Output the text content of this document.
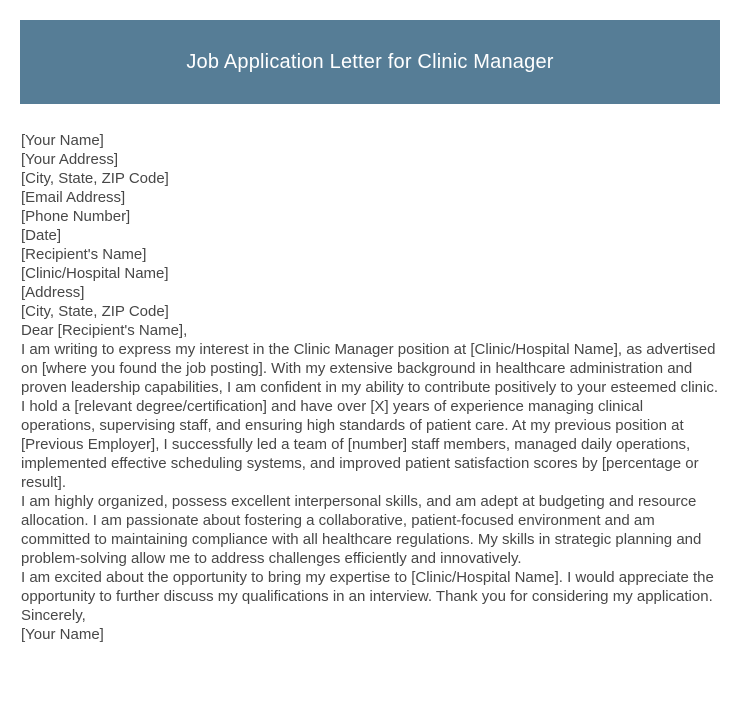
Job Application Letter for Clinic Manager
[Your Name]
[Your Address]
[City, State, ZIP Code]
[Email Address]
[Phone Number]
[Date]
[Recipient's Name]
[Clinic/Hospital Name]
[Address]
[City, State, ZIP Code]
Dear [Recipient's Name],

I am writing to express my interest in the Clinic Manager position at [Clinic/Hospital Name], as advertised on [where you found the job posting]. With my extensive background in healthcare administration and proven leadership capabilities, I am confident in my ability to contribute positively to your esteemed clinic.

I hold a [relevant degree/certification] and have over [X] years of experience managing clinical operations, supervising staff, and ensuring high standards of patient care. At my previous position at [Previous Employer], I successfully led a team of [number] staff members, managed daily operations, implemented effective scheduling systems, and improved patient satisfaction scores by [percentage or result].

I am highly organized, possess excellent interpersonal skills, and am adept at budgeting and resource allocation. I am passionate about fostering a collaborative, patient-focused environment and am committed to maintaining compliance with all healthcare regulations. My skills in strategic planning and problem-solving allow me to address challenges efficiently and innovatively.

I am excited about the opportunity to bring my expertise to [Clinic/Hospital Name]. I would appreciate the opportunity to further discuss my qualifications in an interview. Thank you for considering my application.

Sincerely,
[Your Name]
